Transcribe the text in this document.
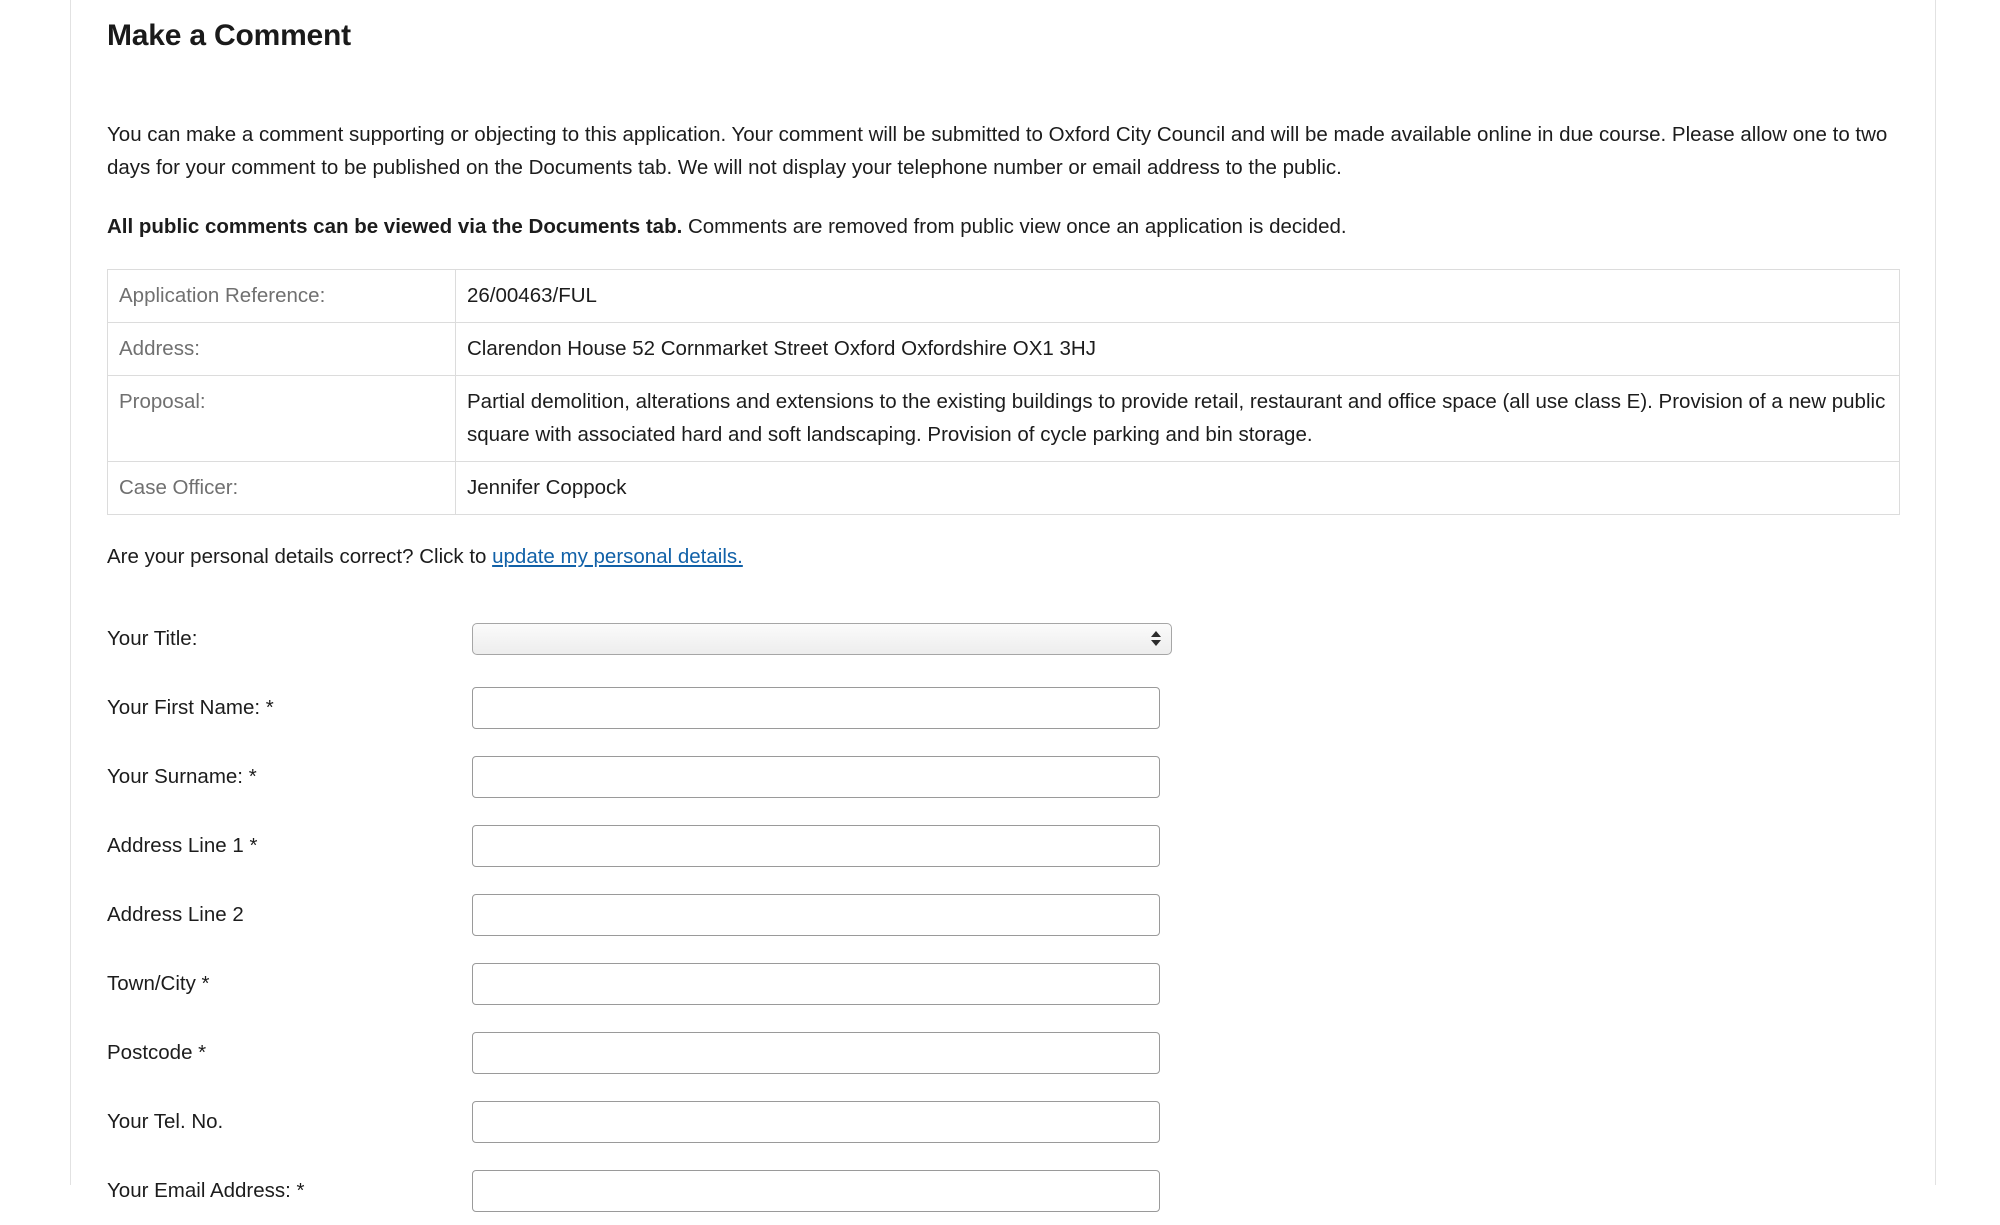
Make a Comment

You can make a comment supporting or objecting to this application. Your comment will be submitted to Oxford City Council and will be made available online in due course. Please allow one to two days for your comment to be published on the Documents tab. We will not display your telephone number or email address to the public.

All public comments can be viewed via the Documents tab. Comments are removed from public view once an application is decided.

Application Reference:	26/00463/FUL
Address:	Clarendon House 52 Cornmarket Street Oxford Oxfordshire OX1 3HJ
Proposal:	Partial demolition, alterations and extensions to the existing buildings to provide retail, restaurant and office space (all use class E). Provision of a new public square with associated hard and soft landscaping. Provision of cycle parking and bin storage.
Case Officer:	Jennifer Coppock

Are your personal details correct? Click to update my personal details.

Your Title:
Your First Name: *
Your Surname: *
Address Line 1 *
Address Line 2
Town/City *
Postcode *
Your Tel. No.
Your Email Address: *
